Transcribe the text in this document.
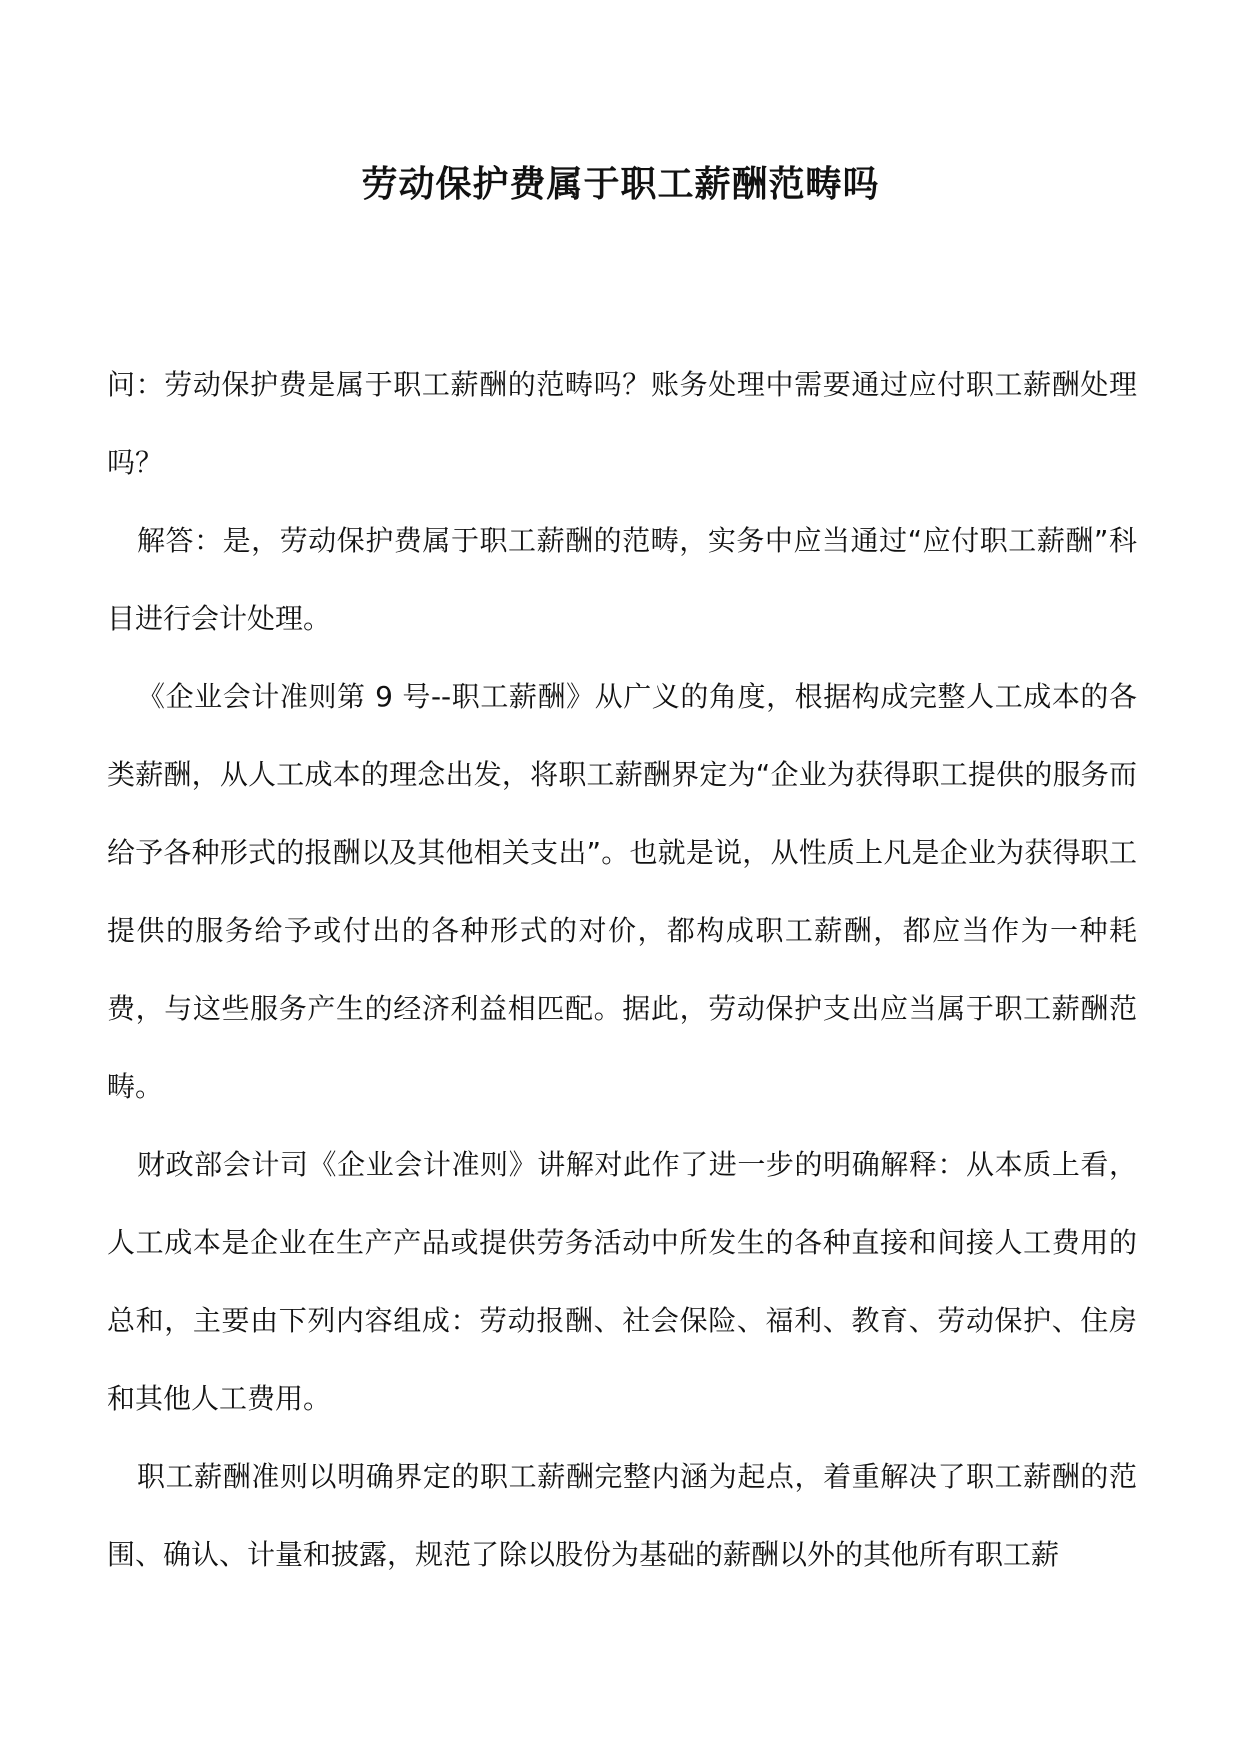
劳动保护费属于职工薪酬范畴吗

问：劳动保护费是属于职工薪酬的范畴吗？账务处理中需要通过应付职工薪酬处理吗？

解答：是，劳动保护费属于职工薪酬的范畴，实务中应当通过“应付职工薪酬”科目进行会计处理。

《企业会计准则第 9 号--职工薪酬》从广义的角度，根据构成完整人工成本的各类薪酬，从人工成本的理念出发，将职工薪酬界定为“企业为获得职工提供的服务而给予各种形式的报酬以及其他相关支出”。也就是说，从性质上凡是企业为获得职工提供的服务给予或付出的各种形式的对价，都构成职工薪酬，都应当作为一种耗费，与这些服务产生的经济利益相匹配。据此，劳动保护支出应当属于职工薪酬范畴。

财政部会计司《企业会计准则》讲解对此作了进一步的明确解释：从本质上看，人工成本是企业在生产产品或提供劳务活动中所发生的各种直接和间接人工费用的总和，主要由下列内容组成：劳动报酬、社会保险、福利、教育、劳动保护、住房和其他人工费用。

职工薪酬准则以明确界定的职工薪酬完整内涵为起点，着重解决了职工薪酬的范围、确认、计量和披露，规范了除以股份为基础的薪酬以外的其他所有职工薪
